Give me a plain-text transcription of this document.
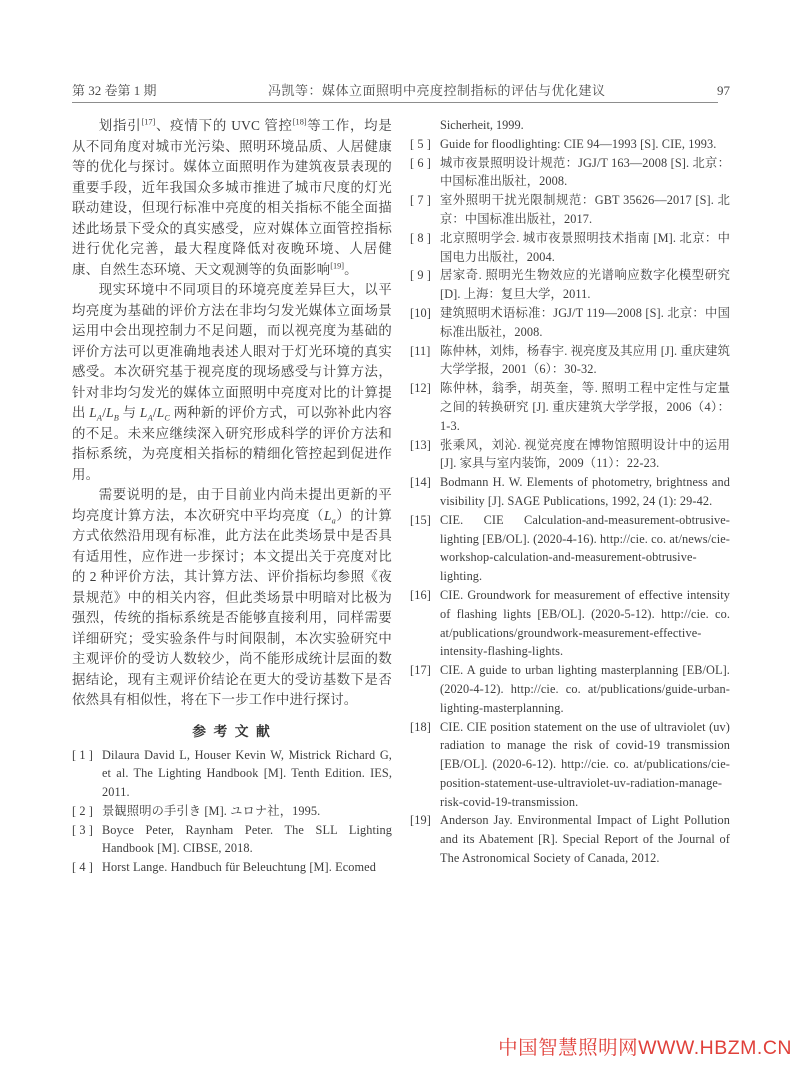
第 32 卷第 1 期	冯凯等：媒体立面照明中亮度控制指标的评估与优化建议	97

划指引[17]、疫情下的 UVC 管控[18]等工作，均是从不同角度对城市光污染、照明环境品质、人居健康等的优化与探讨。媒体立面照明作为建筑夜景表现的重要手段，近年我国众多城市推进了城市尺度的灯光联动建设，但现行标准中亮度的相关指标不能全面描述此场景下受众的真实感受，应对媒体立面管控指标进行优化完善，最大程度降低对夜晚环境、人居健康、自然生态环境、天文观测等的负面影响[19]。

现实环境中不同项目的环境亮度差异巨大，以平均亮度为基础的评价方法在非均匀发光媒体立面场景运用中会出现控制力不足问题，而以视亮度为基础的评价方法可以更准确地表述人眼对于灯光环境的真实感受。本次研究基于视亮度的现场感受与计算方法，针对非均匀发光的媒体立面照明中亮度对比的计算提出 $L_A/L_B$ 与 $L_A/L_C$ 两种新的评价方式，可以弥补此内容的不足。未来应继续深入研究形成科学的评价方法和指标系统，为亮度相关指标的精细化管控起到促进作用。

需要说明的是，由于目前业内尚未提出更新的平均亮度计算方法，本次研究中平均亮度$(L_a)$的计算方式依然沿用现有标准，此方法在此类场景中是否具有适用性，应作进一步探讨；本文提出关于亮度对比的 2 种评价方法，其计算方法、评价指标均参照《夜景规范》中的相关内容，但此类场景中明暗对比极为强烈，传统的指标系统是否能够直接利用，同样需要详细研究；受实验条件与时间限制，本次实验研究中主观评价的受访人数较少，尚不能形成统计层面的数据结论，现有主观评价结论在更大的受访基数下是否依然具有相似性，将在下一步工作中进行探讨。

参 考 文 献
[ 1 ] Dilaura David L, Houser Kevin W, Mistrick Richard G, et al. The Lighting Handbook [M]. Tenth Edition. IES, 2011.
[ 2 ] 景観照明の手引き [M]. ユロナ社，1995.
[ 3 ] Boyce Peter, Raynham Peter. The SLL Lighting Handbook [M]. CIBSE, 2018.
[ 4 ] Horst Lange. Handbuch für Beleuchtung [M]. Ecomed
Sicherheit, 1999.
[ 5 ] Guide for floodlighting: CIE 94—1993 [S]. CIE, 1993.
[ 6 ] 城市夜景照明设计规范：JGJ/T 163—2008 [S]. 北京：中国标准出版社，2008.
[ 7 ] 室外照明干扰光限制规范：GBT 35626—2017 [S]. 北京：中国标准出版社，2017.
[ 8 ] 北京照明学会. 城市夜景照明技术指南 [M]. 北京：中国电力出版社，2004.
[ 9 ] 居家奇. 照明光生物效应的光谱响应数字化模型研究 [D]. 上海：复旦大学，2011.
[10] 建筑照明术语标准：JGJ/T 119—2008 [S]. 北京：中国标准出版社，2008.
[11] 陈仲林，刘炜，杨春宇. 视亮度及其应用 [J]. 重庆建筑大学学报，2001（6）：30-32.
[12] 陈仲林，翁季，胡英奎，等. 照明工程中定性与定量之间的转换研究 [J]. 重庆建筑大学学报，2006（4）：1-3.
[13] 张乘风，刘沁. 视觉亮度在博物馆照明设计中的运用 [J]. 家具与室内装饰，2009（11）：22-23.
[14] Bodmann H. W. Elements of photometry, brightness and visibility [J]. SAGE Publications, 1992, 24 (1): 29-42.
[15] CIE. CIE Calculation-and-measurement-obtrusive-lighting [EB/OL]. (2020-4-16). http://cie. co. at/news/cie-workshop-calculation-and-measurement-obtrusive-lighting.
[16] CIE. Groundwork for measurement of effective intensity of flashing lights [EB/OL]. (2020-5-12). http://cie. co. at/publications/groundwork-measurement-effective-intensity-flashing-lights.
[17] CIE. A guide to urban lighting masterplanning [EB/OL]. (2020-4-12). http://cie. co. at/publications/guide-urban-lighting-masterplanning.
[18] CIE. CIE position statement on the use of ultraviolet (uv) radiation to manage the risk of covid-19 transmission [EB/OL]. (2020-6-12). http://cie. co. at/publications/cie-position-statement-use-ultraviolet-uv-radiation-manage-risk-covid-19-transmission.
[19] Anderson Jay. Environmental Impact of Light Pollution and its Abatement [R]. Special Report of the Journal of The Astronomical Society of Canada, 2012.
中国智慧照明网WWW.HBZM.CN
